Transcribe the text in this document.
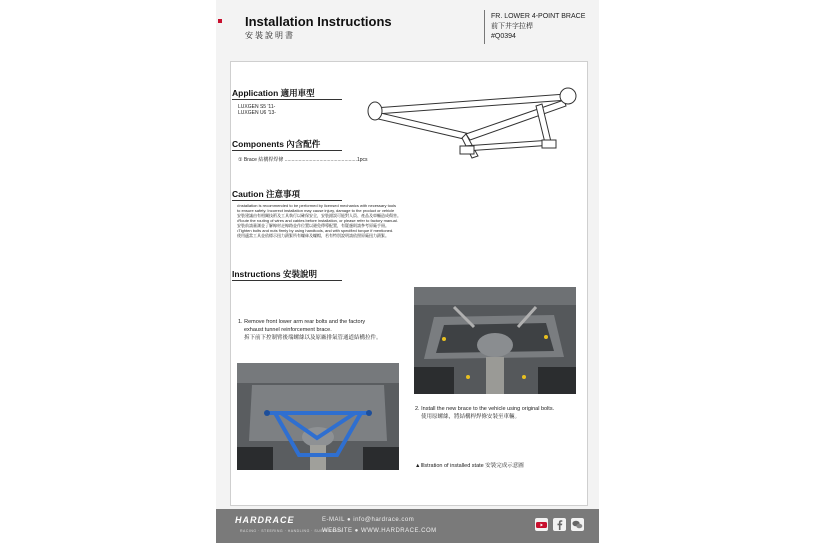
Installation Instructions
安裝說明書
FR. LOWER 4-POINT BRACE
前下井字拉桿
#Q0394
Application 適用車型
LUXGEN S5 '11-
LUXGEN U6 '13-
Components 內含配件
① Brace 結構桿焊條 ....................................................1pcs
Caution 注意事項
•Installation is recommended to be performed by licensed mechanics with necessary tools
to ensure safety. Incorrect installation may cause injury, damage to the product or vehicle
安裝建議由有相關技術及工具執行以確保安全，安裝錯誤可能對人員、產品及車輛造成傷害。
•Route the routing of wires and cables before installation, or please refer to factory manual.
安裝前請量測並了解線材走線路並作位置以避免傳導配置，有疑慮則請參考原廠手冊。
•Tighten bolts and nuts firmly by using handtools, and with specified torque if mentioned.
使用適當工具並依標示扭力鎖緊所有螺絲及螺帽，若有特別說明請依照原廠扭力鎖緊。
Instructions 安裝說明
1. Remove front lower arm rear bolts and the factory
exhaust tunnel reinforcement brace.
拆下前下控制臂後端螺絲以及原廠排氣管通道結構拉件。
2. Install the new brace to the vehicle using original bolts.
使用原螺絲，將結構桿焊條安裝至車輛。
▲Illstration of installed state 安裝完成示意圖
HARDRACE
RACING · STEERING · HANDLING · SUSPENSION
E-MAIL ● info@hardrace.com
WEBSITE ● WWW.HARDRACE.COM
